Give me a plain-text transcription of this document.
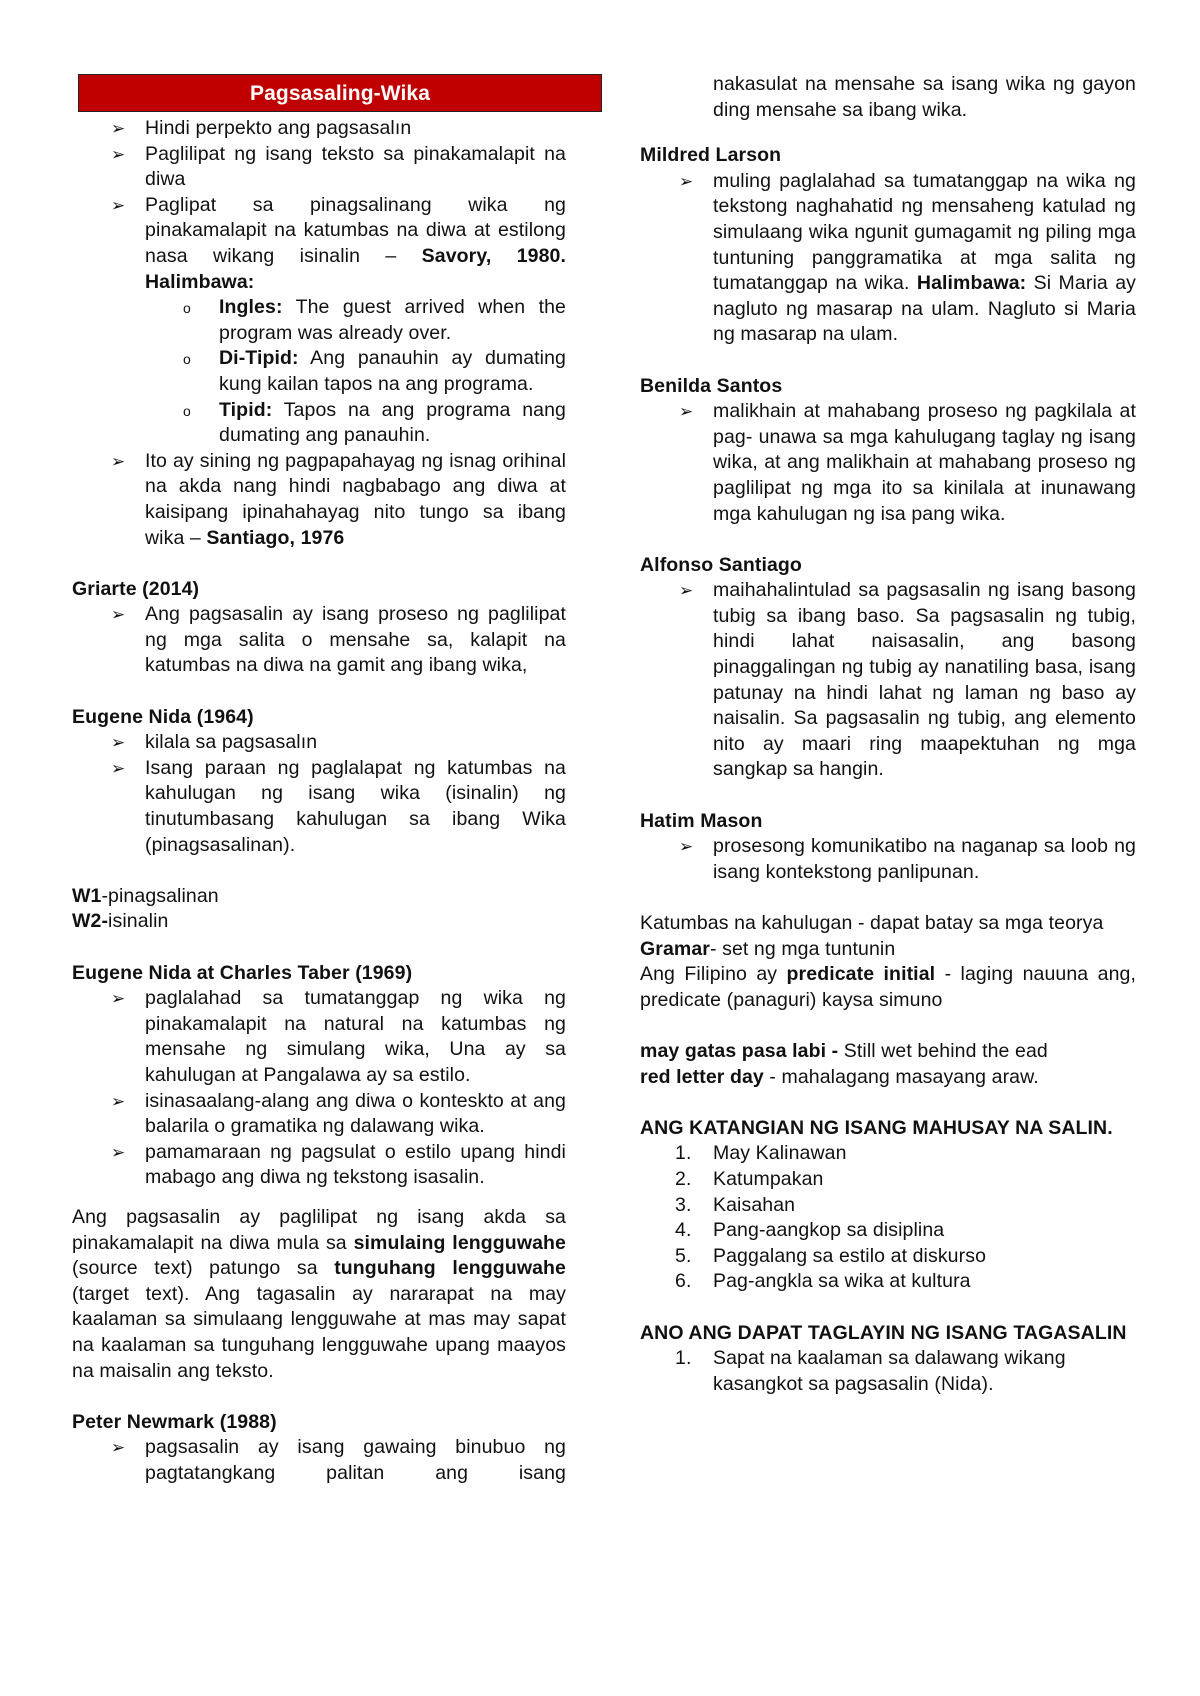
Pagsasaling-Wika
➢	Hindi perpekto ang pagsasalın
➢	Paglilipat ng isang teksto sa pinakamalapit na diwa
➢	Paglipat sa pinagsalinang wika ng pinakamalapit na katumbas na diwa at estilong nasa wikang isinalin – Savory, 1980. Halimbawa:
o	Ingles: The guest arrived when the program was already over.
o	Di-Tipid: Ang panauhin ay dumating kung kailan tapos na ang programa.
o	Tipid: Tapos na ang programa nang dumating ang panauhin.
➢	Ito ay sining ng pagpapahayag ng isnag orihinal na akda nang hindi nagbabago ang diwa at kaisipang ipinahahayag nito tungo sa ibang wika – Santiago, 1976

Griarte (2014)

➢	Ang pagsasalin ay isang proseso ng paglilipat ng mga salita o mensahe sa, kalapit na katumbas na diwa na gamit ang ibang wika,

Eugene Nida (1964)

➢	kilala sa pagsasalın
➢	Isang paraan ng paglalapat ng katumbas na kahulugan ng isang wika (isinalin) ng tinutumbasang kahulugan sa ibang Wika (pinagsasalinan).
W1-pinagsalinan
W2-isinalin

Eugene Nida at Charles Taber (1969)

➢	paglalahad sa tumatanggap ng wika ng pinakamalapit na natural na katumbas ng mensahe ng simulang wika, Una ay sa kahulugan at Pangalawa ay sa estilo.
➢	isinasaalang-alang ang diwa o konteskto at ang balarila o gramatika ng dalawang wika.
➢	pamamaraan ng pagsulat o estilo upang hindi mabago ang diwa ng tekstong isasalin.

Ang pagsasalin ay paglilipat ng isang akda sa pinakamalapit na diwa mula sa simulaing lengguwahe (source text) patungo sa tunguhang lengguwahe (target text). Ang tagasalin ay nararapat na may kaalaman sa simulaang lengguwahe at mas may sapat na kaalaman sa tunguhang lengguwahe upang maayos na maisalin ang teksto.

Peter Newmark (1988)

➢	pagsasalin ay isang gawaing binubuo ng pagtatangkang palitan ang isang
nakasulat na mensahe sa isang wika ng gayon ding mensahe sa ibang wika.

Mildred Larson

➢	muling paglalahad sa tumatanggap na wika ng tekstong naghahatid ng mensaheng katulad ng simulaang wika ngunit gumagamit ng piling mga tuntuning panggramatika at mga salita ng tumatanggap na wika. Halimbawa: Si Maria ay nagluto ng masarap na ulam. Nagluto si Maria ng masarap na ulam.

Benilda Santos

➢	malikhain at mahabang proseso ng pagkilala at pag- unawa sa mga kahulugang taglay ng isang wika, at ang malikhain at mahabang proseso ng paglilipat ng mga ito sa kinilala at inunawang mga kahulugan ng isa pang wika.

Alfonso Santiago

➢	maihahalintulad sa pagsasalin ng isang basong tubig sa ibang baso. Sa pagsasalin ng tubig, hindi lahat naisasalin, ang basong pinaggalingan ng tubig ay nanatiling basa, isang patunay na hindi lahat ng laman ng baso ay naisalin. Sa pagsasalin ng tubig, ang elemento nito ay maari ring maapektuhan ng mga sangkap sa hangin.

Hatim Mason

➢	prosesong komunikatibo na naganap sa loob ng isang kontekstong panlipunan.
Katumbas na kahulugan - dapat batay sa mga teorya
Gramar- set ng mga tuntunin
Ang Filipino ay predicate initial - laging nauuna ang, predicate (panaguri) kaysa simuno
may gatas pasa labi - Still wet behind the ead
red letter day - mahalagang masayang araw.

ANG KATANGIAN NG ISANG MAHUSAY NA SALIN.

1. May Kalinawan
2. Katumpakan
3. Kaisahan
4. Pang-aangkop sa disiplina
5. Paggalang sa estilo at diskurso
6. Pag-angkla sa wika at kultura

ANO ANG DAPAT TAGLAYIN NG ISANG TAGASALIN

1. Sapat na kaalaman sa dalawang wikang kasangkot sa pagsasalin (Nida).
